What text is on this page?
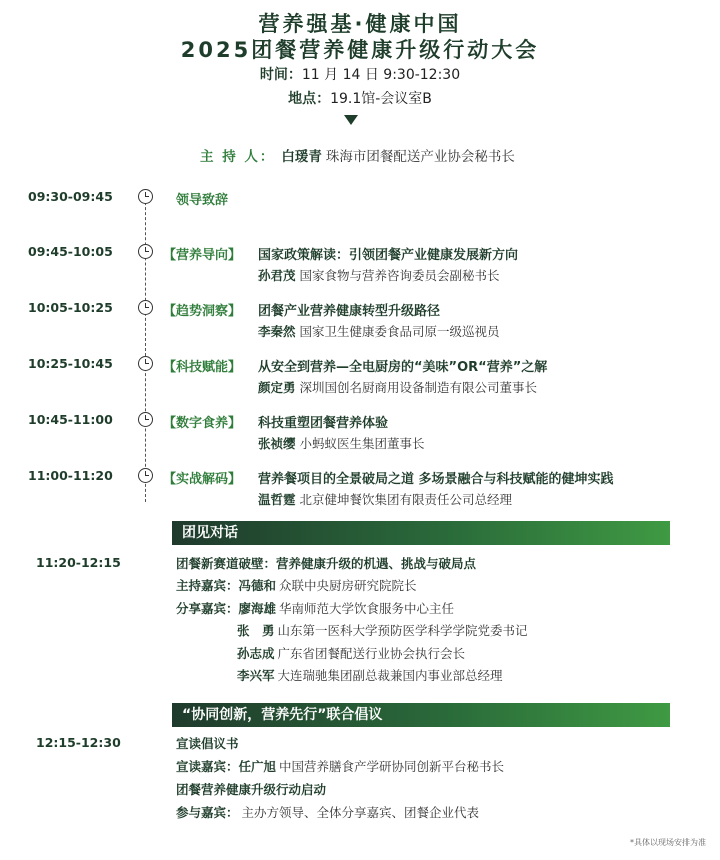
营养强基·健康中国
2025团餐营养健康升级行动大会
时间：11 月 14 日 9:30-12:30
地点：19.1馆-会议室B
主 持 人： 白瑗青 珠海市团餐配送产业协会秘书长
09:30-09:45	领导致辞
09:45-10:05	【营养导向】 国家政策解读：引领团餐产业健康发展新方向
孙君茂 国家食物与营养咨询委员会副秘书长
10:05-10:25	【趋势洞察】 团餐产业营养健康转型升级路径
李秦然 国家卫生健康委食品司原一级巡视员
10:25-10:45	【科技赋能】 从安全到营养—全电厨房的“美味”OR“营养”之解
颜定勇 深圳国创名厨商用设备制造有限公司董事长
10:45-11:00	【数字食养】 科技重塑团餐营养体验
张祯缨 小蚂蚁医生集团董事长
11:00-11:20	【实战解码】 营养餐项目的全景破局之道 多场景融合与科技赋能的健坤实践
温哲霆 北京健坤餐饮集团有限责任公司总经理
团见对话
11:20-12:15	团餐新赛道破壁：营养健康升级的机遇、挑战与破局点
主持嘉宾：冯德和 众联中央厨房研究院院长
分享嘉宾：廖海雄 华南师范大学饮食服务中心主任
张　勇 山东第一医科大学预防医学科学学院党委书记
孙志成 广东省团餐配送行业协会执行会长
李兴军 大连瑞驰集团副总裁兼国内事业部总经理
“协同创新，营养先行”联合倡议
12:15-12:30	宣读倡议书
宣读嘉宾：任广旭 中国营养膳食产学研协同创新平台秘书长
团餐营养健康升级行动启动
参与嘉宾： 主办方领导、全体分享嘉宾、团餐企业代表
*具体以现场安排为准
